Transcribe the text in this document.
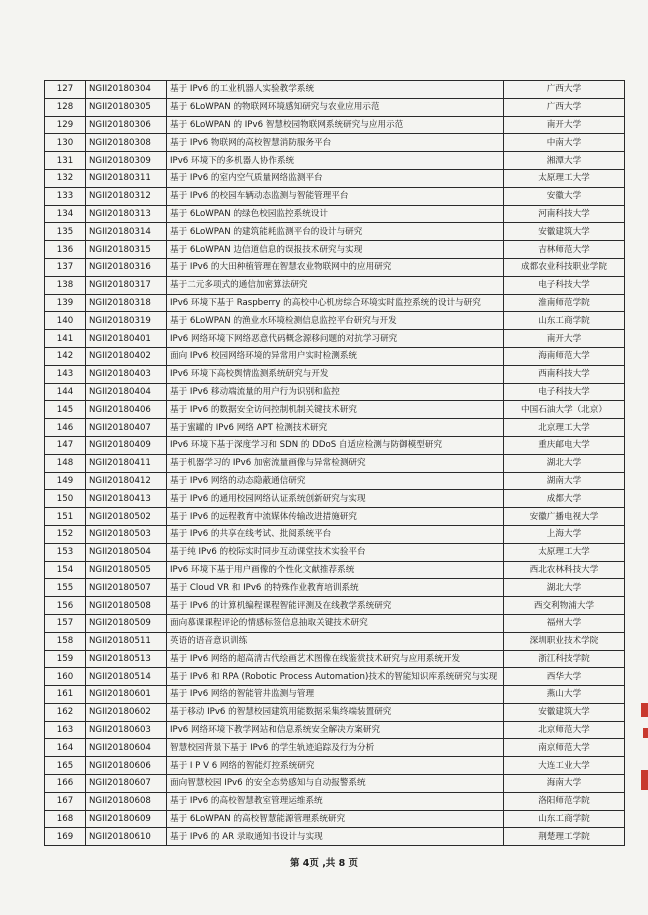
127	NGII20180304	基于 IPv6 的工业机器人实验教学系统	广西大学
128	NGII20180305	基于 6LoWPAN 的物联网环境感知研究与农业应用示范	广西大学
129	NGII20180306	基于 6LoWPAN 的 IPv6 智慧校园物联网系统研究与应用示范	南开大学
130	NGII20180308	基于 IPv6 物联网的高校智慧消防服务平台	中南大学
131	NGII20180309	IPv6 环境下的多机器人协作系统	湘潭大学
132	NGII20180311	基于 IPv6 的室内空气质量网络监测平台	太原理工大学
133	NGII20180312	基于 IPv6 的校园车辆动态监测与智能管理平台	安徽大学
134	NGII20180313	基于 6LoWPAN 的绿色校园监控系统设计	河南科技大学
135	NGII20180314	基于 6LoWPAN 的建筑能耗监测平台的设计与研究	安徽建筑大学
136	NGII20180315	基于 6LoWPAN 边信道信息的误报技术研究与实现	吉林师范大学
137	NGII20180316	基于 IPv6 的大田种植管理在智慧农业物联网中的应用研究	成都农业科技职业学院
138	NGII20180317	基于二元多项式的通信加密算法研究	电子科技大学
139	NGII20180318	IPv6 环境下基于 Raspberry 的高校中心机房综合环境实时监控系统的设计与研究	淮南师范学院
140	NGII20180319	基于 6LoWPAN 的渔业水环境检测信息监控平台研究与开发	山东工商学院
141	NGII20180401	IPv6 网络环境下网络恶意代码概念源移问题的对抗学习研究	南开大学
142	NGII20180402	面向 IPv6 校园网络环境的异常用户实时检测系统	海南师范大学
143	NGII20180403	IPv6 环境下高校舆情监测系统研究与开发	西南科技大学
144	NGII20180404	基于 IPv6 移动端流量的用户行为识别和监控	电子科技大学
145	NGII20180406	基于 IPv6 的数据安全访问控制机制关键技术研究	中国石油大学（北京）
146	NGII20180407	基于蜜罐的 IPv6 网络 APT 检测技术研究	北京理工大学
147	NGII20180409	IPv6 环境下基于深度学习和 SDN 的 DDoS 自适应检测与防御模型研究	重庆邮电大学
148	NGII20180411	基于机器学习的 IPv6 加密流量画像与异常检测研究	湖北大学
149	NGII20180412	基于 IPv6 网络的动态隐蔽通信研究	湖南大学
150	NGII20180413	基于 IPv6 的通用校园网络认证系统创新研究与实现	成都大学
151	NGII20180502	基于 IPv6 的远程教育中流媒体传输改进措施研究	安徽广播电视大学
152	NGII20180503	基于 IPv6 的共享在线考试、批阅系统平台	上海大学
153	NGII20180504	基于纯 IPv6 的校际实时同步互动课堂技术实验平台	太原理工大学
154	NGII20180505	IPv6 环境下基于用户画像的个性化文献推荐系统	西北农林科技大学
155	NGII20180507	基于 Cloud VR 和 IPv6 的特殊作业教育培训系统	湖北大学
156	NGII20180508	基于 IPv6 的计算机编程课程智能评测及在线教学系统研究	西交利物浦大学
157	NGII20180509	面向慕课课程评论的情感标签信息抽取关键技术研究	福州大学
158	NGII20180511	英语的语音意识训练	深圳职业技术学院
159	NGII20180513	基于 IPv6 网络的超高清古代绘画艺术图像在线鉴赏技术研究与应用系统开发	浙江科技学院
160	NGII20180514	基于 IPv6 和 RPA (Robotic Process Automation)技术的智能知识库系统研究与实现	西华大学
161	NGII20180601	基于 IPv6 网络的智能管井监测与管理	燕山大学
162	NGII20180602	基于移动 IPv6 的智慧校园建筑用能数据采集终端装置研究	安徽建筑大学
163	NGII20180603	IPv6 网络环境下教学网站和信息系统安全解决方案研究	北京师范大学
164	NGII20180604	智慧校园背景下基于 IPv6 的学生轨迹追踪及行为分析	南京师范大学
165	NGII20180606	基于 I P V 6 网络的智能灯控系统研究	大连工业大学
166	NGII20180607	面向智慧校园 IPv6 的安全态势感知与自动报警系统	海南大学
167	NGII20180608	基于 IPv6 的高校智慧教室管理运维系统	洛阳师范学院
168	NGII20180609	基于 6LoWPAN 的高校智慧能源管理系统研究	山东工商学院
169	NGII20180610	基于 IPv6 的 AR 录取通知书设计与实现	荆楚理工学院
第 4页 ,共 8 页
